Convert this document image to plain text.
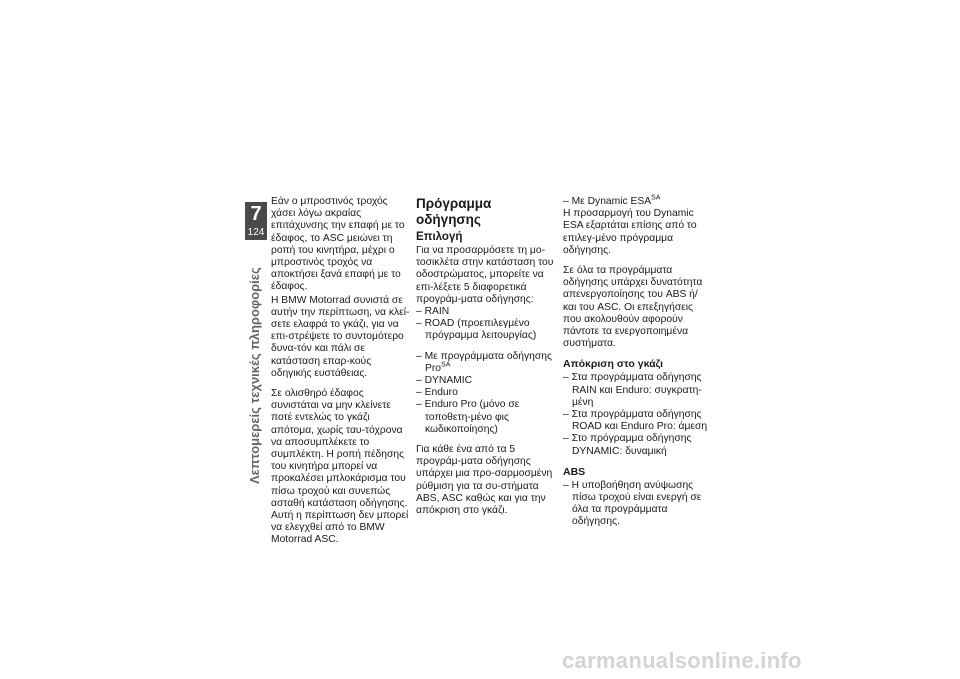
7
124
Λεπτομερείς τεχνικές πληροφορίες

Εάν ο μπροστινός τροχός χάσει λόγω ακραίας επιτάχυνσης την επαφή με το έδαφος, το ASC μειώνει τη ροπή του κινητήρα, μέχρι ο μπροστινός τροχός να αποκτήσει ξανά επαφή με το έδαφος.

Η BMW Motorrad συνιστά σε αυτήν την περίπτωση, να κλεί-σετε ελαφρά το γκάζι, για να επι-στρέψετε το συντομότερο δυνα-τόν και πάλι σε κατάσταση επαρ-κούς οδηγικής ευστάθειας.

Σε ολισθηρό έδαφος συνιστάται να μην κλείνετε ποτέ εντελώς το γκάζι απότομα, χωρίς ταυ-τόχρονα να αποσυμπλέκετε το συμπλέκτη. Η ροπή πέδησης του κινητήρα μπορεί να προκαλέσει μπλοκάρισμα του πίσω τροχού και συνεπώς ασταθή κατάσταση οδήγησης. Αυτή η περίπτωση δεν μπορεί να ελεγχθεί από το BMW Motorrad ASC.

Πρόγραμμα οδήγησης
Επιλογή

Για να προσαρμόσετε τη μο-τοσικλέτα στην κατάσταση του οδοστρώματος, μπορείτε να επι-λέξετε 5 διαφορετικά προγράμ-ματα οδήγησης:

– RAIN
– ROAD (προεπιλεγμένο πρόγραμμα λειτουργίας)
– Με προγράμματα οδήγησης Pro$^{SA}$
– DYNAMIC
– Enduro
– Enduro Pro (μόνο σε τοποθετη-μένο φις κωδικοποίησης)

Για κάθε ένα από τα 5 προγράμ-ματα οδήγησης υπάρχει μια προ-σαρμοσμένη ρύθμιση για τα συ-στήματα ABS, ASC καθώς και για την απόκριση στο γκάζι.

– Με Dynamic $ESA^{SA}$

Η προσαρμογή του Dynamic ESA εξαρτάται επίσης από το επιλεγ-μένο πρόγραμμα οδήγησης.

Σε όλα τα προγράμματα οδήγησης υπάρχει δυνατότητα απενεργοποίησης του ABS ή/και του ASC. Οι επεξηγήσεις που ακολουθούν αφορούν πάντοτε τα ενεργοποιημένα συστήματα.

Απόκριση στο γκάζι
– Στα προγράμματα οδήγησης RAIN και Enduro: συγκρατη-μένη
– Στα προγράμματα οδήγησης ROAD και Enduro Pro: άμεση
– Στο πρόγραμμα οδήγησης DYNAMIC: δυναμική
ABS
– Η υποβοήθηση ανύψωσης πίσω τροχού είναι ενεργή σε όλα τα προγράμματα οδήγησης.
carmanualsonline.info
